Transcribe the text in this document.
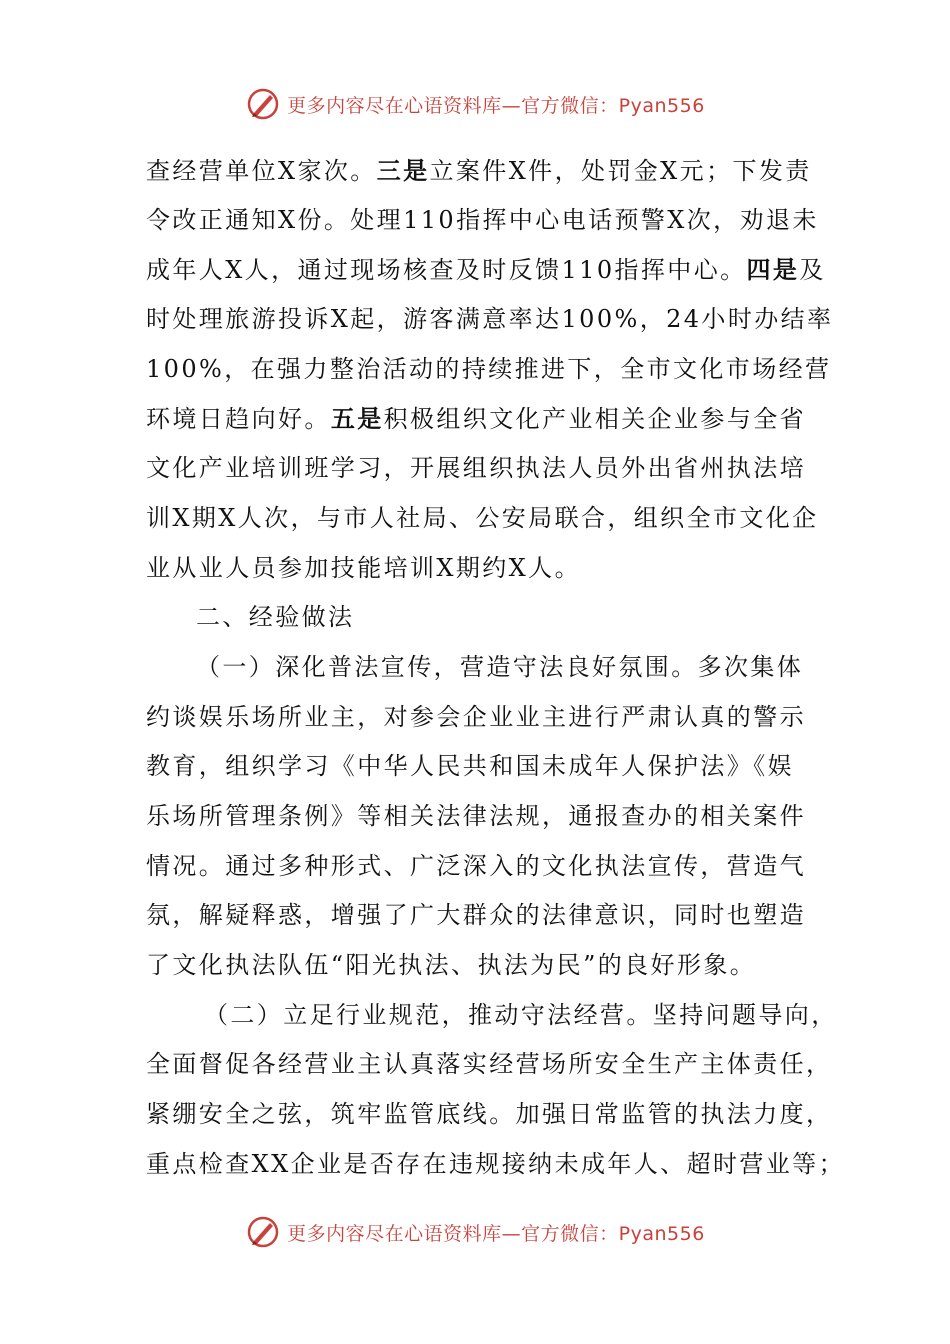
更多内容尽在心语资料库—官方微信：Pyan556
查经营单位X家次。三是立案件X件，处罚金X元；下发责
令改正通知X份。处理110指挥中心电话预警X次，劝退未
成年人X人，通过现场核查及时反馈110指挥中心。四是及
时处理旅游投诉X起，游客满意率达100%，24小时办结率
100%，在强力整治活动的持续推进下，全市文化市场经营
环境日趋向好。五是积极组织文化产业相关企业参与全省
文化产业培训班学习，开展组织执法人员外出省州执法培
训X期X人次，与市人社局、公安局联合，组织全市文化企
业从业人员参加技能培训X期约X人。
二、经验做法
（一）深化普法宣传，营造守法良好氛围。多次集体
约谈娱乐场所业主，对参会企业业主进行严肃认真的警示
教育，组织学习《中华人民共和国未成年人保护法》《娱
乐场所管理条例》等相关法律法规，通报查办的相关案件
情况。通过多种形式、广泛深入的文化执法宣传，营造气
氛，解疑释惑，增强了广大群众的法律意识，同时也塑造
了文化执法队伍“阳光执法、执法为民”的良好形象。
（二）立足行业规范，推动守法经营。坚持问题导向，
全面督促各经营业主认真落实经营场所安全生产主体责任，
紧绷安全之弦，筑牢监管底线。加强日常监管的执法力度，
重点检查XX企业是否存在违规接纳未成年人、超时营业等；
更多内容尽在心语资料库—官方微信：Pyan556
